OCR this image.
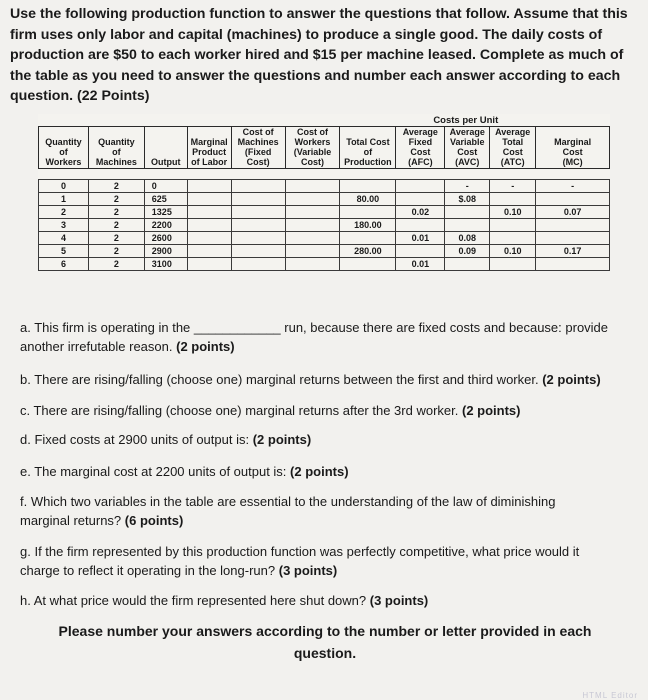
Use the following production function to answer the questions that follow. Assume that this firm uses only labor and capital (machines) to produce a single good. The daily costs of production are $50 to each worker hired and $15 per machine leased. Complete as much of the table as you need to answer the questions and number each answer according to each question. (22 Points)

							Costs per Unit			
Quantity
of
Workers	Quantity
of
Machines	Output	Marginal
Product
of Labor	Cost of
Machines
(Fixed
Cost)	Cost of
Workers
(Variable
Cost)	Total Cost
of
Production	Average
Fixed
Cost
(AFC)	Average
Variable
Cost
(AVC)	Average
Total
Cost
(ATC)	Marginal
Cost
(MC)

0	2	0						-	-	-
1	2	625				80.00		$.08		
2	2	1325					0.02		0.10	0.07
3	2	2200				180.00				
4	2	2600					0.01	0.08		
5	2	2900				280.00		0.09	0.10	0.17
6	2	3100					0.01			

a. This firm is operating in the ____________ run, because there are fixed costs and because: provide
another irrefutable reason. (2 points)

b. There are rising/falling (choose one) marginal returns between the first and third worker. (2 points)

c. There are rising/falling (choose one) marginal returns after the 3rd worker. (2 points)

d. Fixed costs at 2900 units of output is: (2 points)

e. The marginal cost at 2200 units of output is: (2 points)

f. Which two variables in the table are essential to the understanding of the law of diminishing
marginal returns? (6 points)

g. If the firm represented by this production function was perfectly competitive, what price would it
charge to reflect it operating in the long-run? (3 points)

h. At what price would the firm represented here shut down? (3 points)

Please number your answers according to the number or letter provided in each question.

HTML Editor
